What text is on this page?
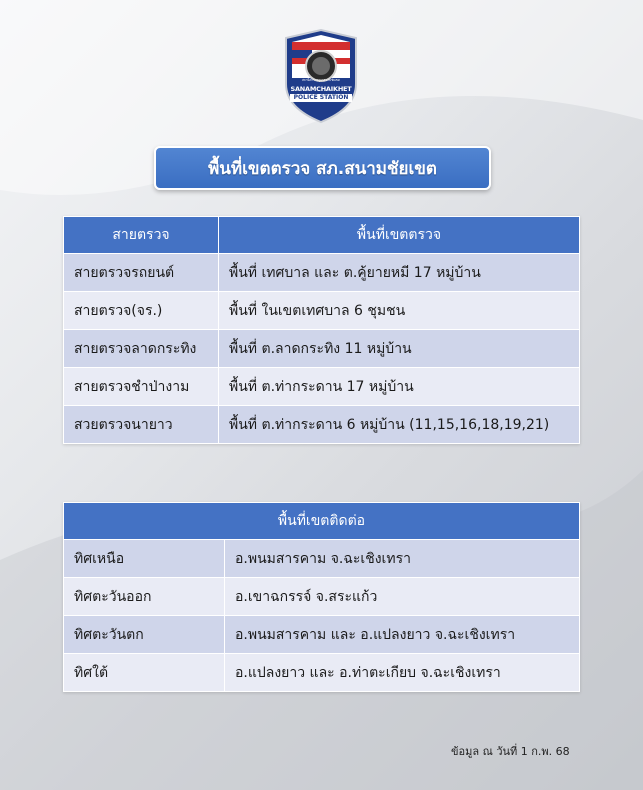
สถานีตำรวจภูธรสนามชัยเขต
SANAMCHAIKHET
POLICE STATION
พื้นที่เขตตรวจ สภ.สนามชัยเขต
สายตรวจ	พื้นที่เขตตรวจ
สายตรวจรถยนต์	พื้นที่ เทศบาล และ ต.คู้ยายหมี 17 หมู่บ้าน
สายตรวจ(จร.)	พื้นที่ ในเขตเทศบาล 6 ชุมชน
สายตรวจลาดกระทิง	พื้นที่ ต.ลาดกระทิง 11 หมู่บ้าน
สายตรวจชำป่างาม	พื้นที่ ต.ท่ากระดาน 17 หมู่บ้าน
สวยตรวจนายาว	พื้นที่ ต.ท่ากระดาน 6 หมู่บ้าน (11,15,16,18,19,21)
พื้นที่เขตติดต่อ	
ทิศเหนือ	อ.พนมสารคาม จ.ฉะเชิงเทรา
ทิศตะวันออก	อ.เขาฉกรรจ์ จ.สระแก้ว
ทิศตะวันตก	อ.พนมสารคาม และ อ.แปลงยาว จ.ฉะเชิงเทรา
ทิศใต้	อ.แปลงยาว และ อ.ท่าตะเกียบ จ.ฉะเชิงเทรา
ข้อมูล ณ วันที่ 1 ก.พ. 68
